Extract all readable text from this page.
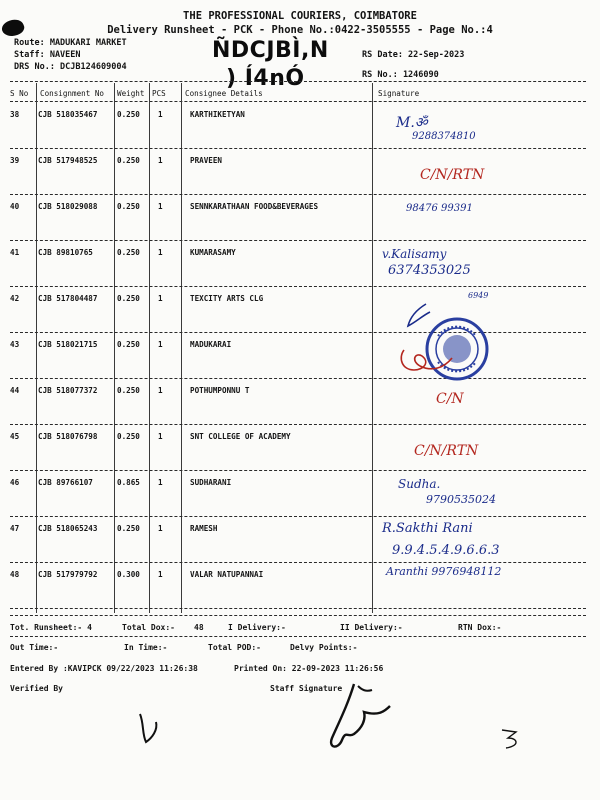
THE PROFESSIONAL COURIERS, COIMBATORE
Delivery Runsheet - PCK - Phone No.:0422-3505555 - Page No.:4
Route: MADUKARI MARKET
Staff: NAVEEN
DRS No.: DCJB124609004
ÑDCJBÌ,N
) Í4nÓ
RS Date: 22-Sep-2023
RS No.: 1246090
S No Consignment No Weight PCS	Consignee Details	Signature
38 CJB 518035467	0.250 1	KARTHIKETYAN
M.ॐ
9288374810
39 CJB 517948525	0.250 1	PRAVEEN
C/N/RTN
40 CJB 518029088	0.250 1	SENNKARATHAAN FOOD&BEVERAGES	98476 99391
41 CJB 89810765	0.250 1	KUMARASAMY	v.Kalisamy
6374353025
42 CJB 517804487	0.250 1	TEXCITY ARTS CLG	6949
43 CJB 518021715	0.250 1	MADUKARAI
44 CJB 518077372	0.250 1	POTHUMPONNU T
C/N
45 CJB 518076798	0.250 1	SNT COLLEGE OF ACADEMY
C/N/RTN
46 CJB 89766107	0.865 1	SUDHARANI	Sudha.
9790535024
47 CJB 518065243	0.250 1	RAMESH	R.Sakthi Rani
9.9.4.5.4.9.6.6.3
48 CJB 517979792	0.300 1	VALAR NATUPANNAI	Aranthi 9976948112
Tot. Runsheet:- 4	Total Dox:- 48	I Delivery:-	II Delivery:-	RTN Dox:-
Out Time:-	In Time:-	Total POD:-	Delvy Points:-
Entered By :KAVIPCK 09/22/2023 11:26:38	Printed On: 22-09-2023 11:26:56
Verified By	Staff Signature
